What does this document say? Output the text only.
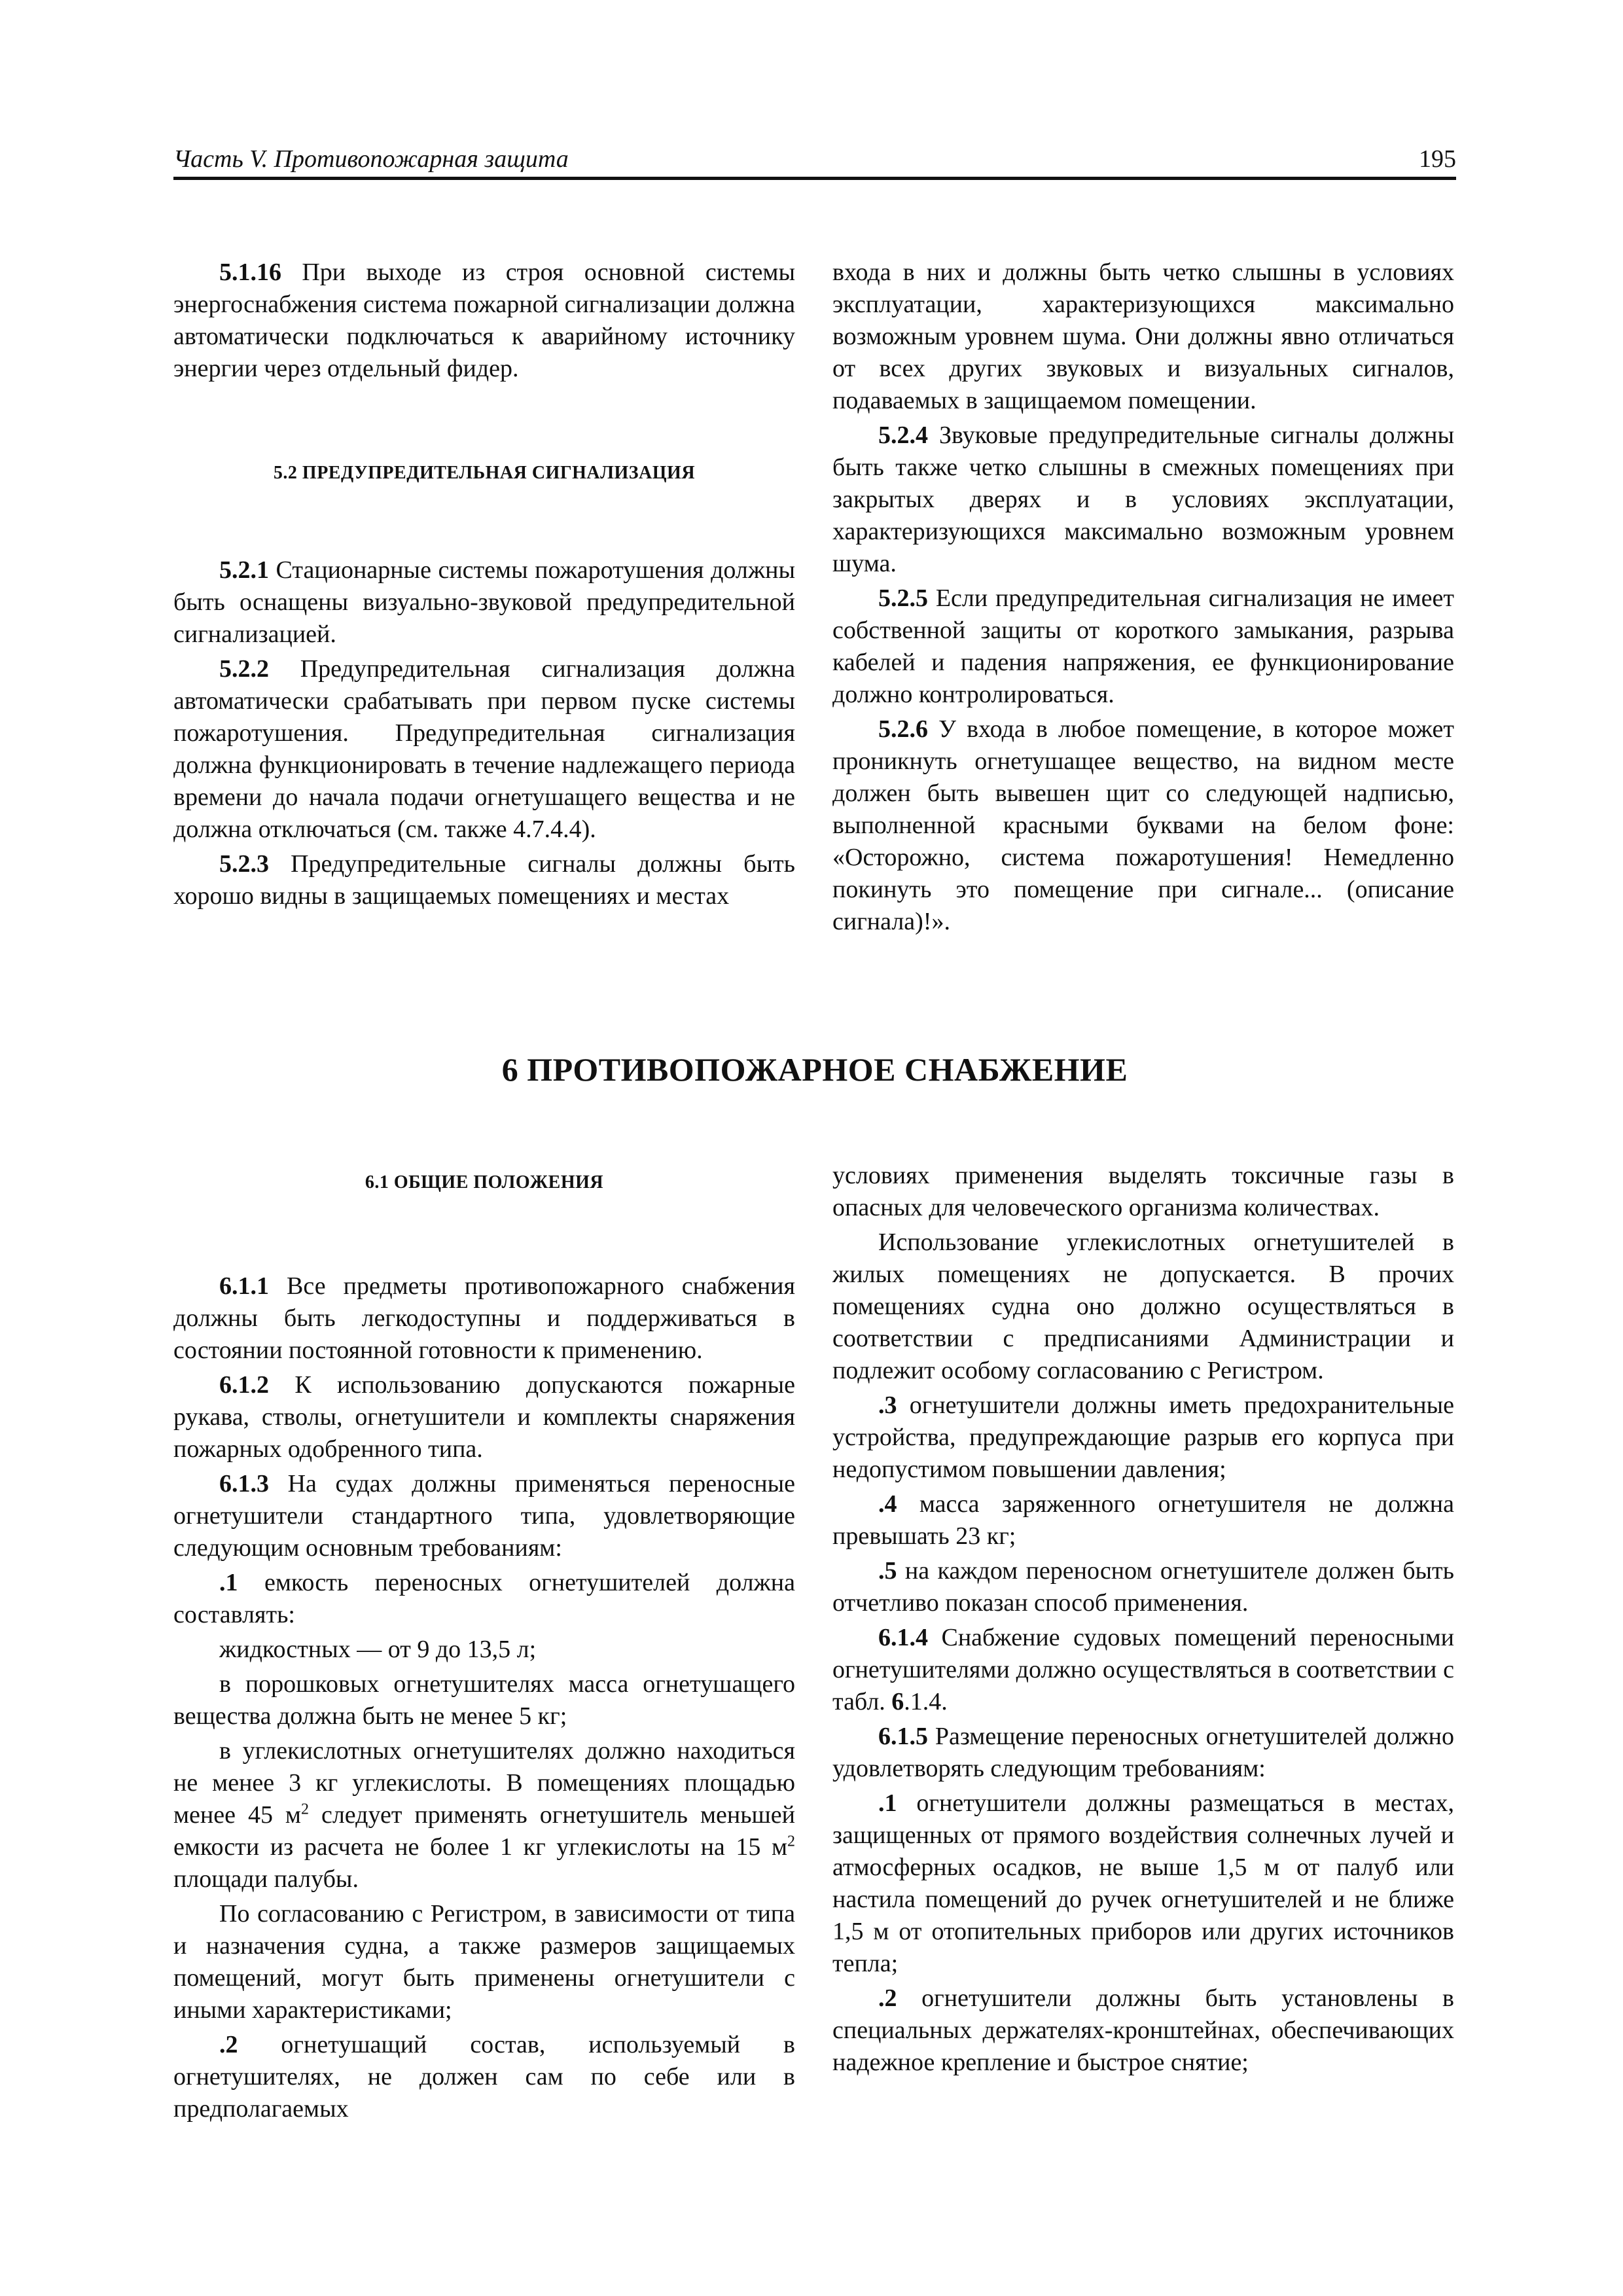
Часть V. Противопожарная защита	195

5.1.16 При выходе из строя основной системы энергоснабжения система пожарной сигнализации должна автоматически подключаться к аварийному источнику энергии через отдельный фидер.

5.2 ПРЕДУПРЕДИТЕЛЬНАЯ СИГНАЛИЗАЦИЯ

5.2.1 Стационарные системы пожаротушения должны быть оснащены визуально-звуковой предупредительной сигнализацией.

5.2.2 Предупредительная сигнализация должна автоматически срабатывать при первом пуске системы пожаротушения. Предупредительная сигнализация должна функционировать в течение надлежащего периода времени до начала подачи огнетушащего вещества и не должна отключаться (см. также 4.7.4.4).

5.2.3 Предупредительные сигналы должны быть хорошо видны в защищаемых помещениях и местах

входа в них и должны быть четко слышны в условиях эксплуатации, характеризующихся максимально возможным уровнем шума. Они должны явно отличаться от всех других звуковых и визуальных сигналов, подаваемых в защищаемом помещении.

5.2.4 Звуковые предупредительные сигналы должны быть также четко слышны в смежных помещениях при закрытых дверях и в условиях эксплуатации, характеризующихся максимально возможным уровнем шума.

5.2.5 Если предупредительная сигнализация не имеет собственной защиты от короткого замыкания, разрыва кабелей и падения напряжения, ее функционирование должно контролироваться.

5.2.6 У входа в любое помещение, в которое может проникнуть огнетушащее вещество, на видном месте должен быть вывешен щит со следующей надписью, выполненной красными буквами на белом фоне: «Осторожно, система пожаротушения! Немедленно покинуть это помещение при сигнале... (описание сигнала)!».

6 ПРОТИВОПОЖАРНОЕ СНАБЖЕНИЕ

6.1 ОБЩИЕ ПОЛОЖЕНИЯ

6.1.1 Все предметы противопожарного снабжения должны быть легкодоступны и поддерживаться в состоянии постоянной готовности к применению.

6.1.2 К использованию допускаются пожарные рукава, стволы, огнетушители и комплекты снаряжения пожарных одобренного типа.

6.1.3 На судах должны применяться переносные огнетушители стандартного типа, удовлетворяющие следующим основным требованиям:

.1 емкость переносных огнетушителей должна составлять:

жидкостных — от 9 до 13,5 л;

в порошковых огнетушителях масса огнетушащего вещества должна быть не менее 5 кг;

в углекислотных огнетушителях должно находиться не менее 3 кг углекислоты. В помещениях площадью менее 45 $м^2$ следует применять огнетушитель меньшей емкости из расчета не более 1 кг углекислоты на 15 $м^2$ площади палубы.

По согласованию с Регистром, в зависимости от типа и назначения судна, а также размеров защищаемых помещений, могут быть применены огнетушители с иными характеристиками;

.2 огнетушащий состав, используемый в огнетушителях, не должен сам по себе или в предполагаемых

условиях применения выделять токсичные газы в опасных для человеческого организма количествах.

Использование углекислотных огнетушителей в жилых помещениях не допускается. В прочих помещениях судна оно должно осуществляться в соответствии с предписаниями Администрации и подлежит особому согласованию с Регистром.

.3 огнетушители должны иметь предохранительные устройства, предупреждающие разрыв его корпуса при недопустимом повышении давления;

.4 масса заряженного огнетушителя не должна превышать 23 кг;

.5 на каждом переносном огнетушителе должен быть отчетливо показан способ применения.

6.1.4 Снабжение судовых помещений переносными огнетушителями должно осуществляться в соответствии с табл. 6.1.4.

6.1.5 Размещение переносных огнетушителей должно удовлетворять следующим требованиям:

.1 огнетушители должны размещаться в местах, защищенных от прямого воздействия солнечных лучей и атмосферных осадков, не выше 1,5 м от палуб или настила помещений до ручек огнетушителей и не ближе 1,5 м от отопительных приборов или других источников тепла;

.2 огнетушители должны быть установлены в специальных держателях-кронштейнах, обеспечивающих надежное крепление и быстрое снятие;
